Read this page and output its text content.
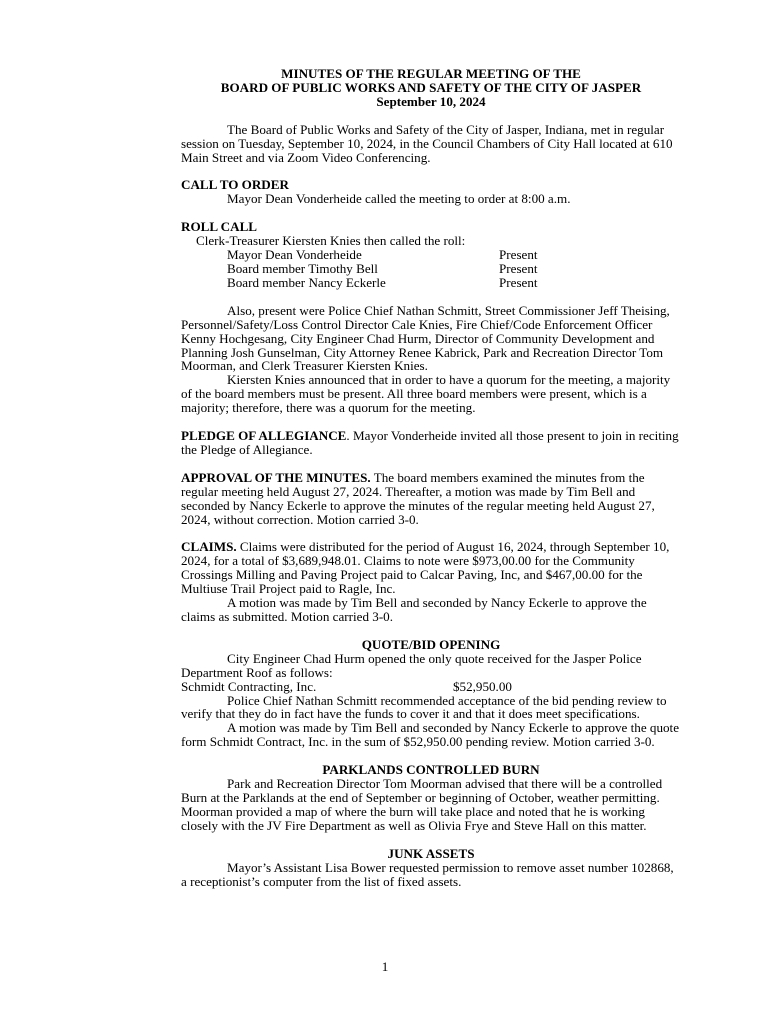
MINUTES OF THE REGULAR MEETING OF THE

BOARD OF PUBLIC WORKS AND SAFETY OF THE CITY OF JASPER

September 10, 2024

The Board of Public Works and Safety of the City of Jasper, Indiana, met in regular session on Tuesday, September 10, 2024, in the Council Chambers of City Hall located at 610 Main Street and via Zoom Video Conferencing.

CALL TO ORDER

Mayor Dean Vonderheide called the meeting to order at 8:00 a.m.

ROLL CALL

Clerk-Treasurer Kiersten Knies then called the roll:

Mayor Dean Vonderheide	Present
Board member Timothy Bell	Present
Board member Nancy Eckerle	Present

Also, present were Police Chief Nathan Schmitt, Street Commissioner Jeff Theising, Personnel/Safety/Loss Control Director Cale Knies, Fire Chief/Code Enforcement Officer Kenny Hochgesang, City Engineer Chad Hurm, Director of Community Development and Planning Josh Gunselman, City Attorney Renee Kabrick, Park and Recreation Director Tom Moorman, and Clerk Treasurer Kiersten Knies.

Kiersten Knies announced that in order to have a quorum for the meeting, a majority of the board members must be present. All three board members were present, which is a majority; therefore, there was a quorum for the meeting.

PLEDGE OF ALLEGIANCE. Mayor Vonderheide invited all those present to join in reciting the Pledge of Allegiance.

APPROVAL OF THE MINUTES. The board members examined the minutes from the regular meeting held August 27, 2024. Thereafter, a motion was made by Tim Bell and seconded by Nancy Eckerle to approve the minutes of the regular meeting held August 27, 2024, without correction. Motion carried 3-0.

CLAIMS. Claims were distributed for the period of August 16, 2024, through September 10, 2024, for a total of $3,689,948.01. Claims to note were $973,00.00 for the Community Crossings Milling and Paving Project paid to Calcar Paving, Inc, and $467,00.00 for the Multiuse Trail Project paid to Ragle, Inc.

A motion was made by Tim Bell and seconded by Nancy Eckerle to approve the claims as submitted. Motion carried 3-0.

QUOTE/BID OPENING

City Engineer Chad Hurm opened the only quote received for the Jasper Police Department Roof as follows:

Schmidt Contracting, Inc.	$52,950.00

Police Chief Nathan Schmitt recommended acceptance of the bid pending review to verify that they do in fact have the funds to cover it and that it does meet specifications.

A motion was made by Tim Bell and seconded by Nancy Eckerle to approve the quote form Schmidt Contract, Inc. in the sum of $52,950.00 pending review. Motion carried 3-0.

PARKLANDS CONTROLLED BURN

Park and Recreation Director Tom Moorman advised that there will be a controlled Burn at the Parklands at the end of September or beginning of October, weather permitting. Moorman provided a map of where the burn will take place and noted that he is working closely with the JV Fire Department as well as Olivia Frye and Steve Hall on this matter.

JUNK ASSETS

Mayor’s Assistant Lisa Bower requested permission to remove asset number 102868, a receptionist’s computer from the list of fixed assets.

1
